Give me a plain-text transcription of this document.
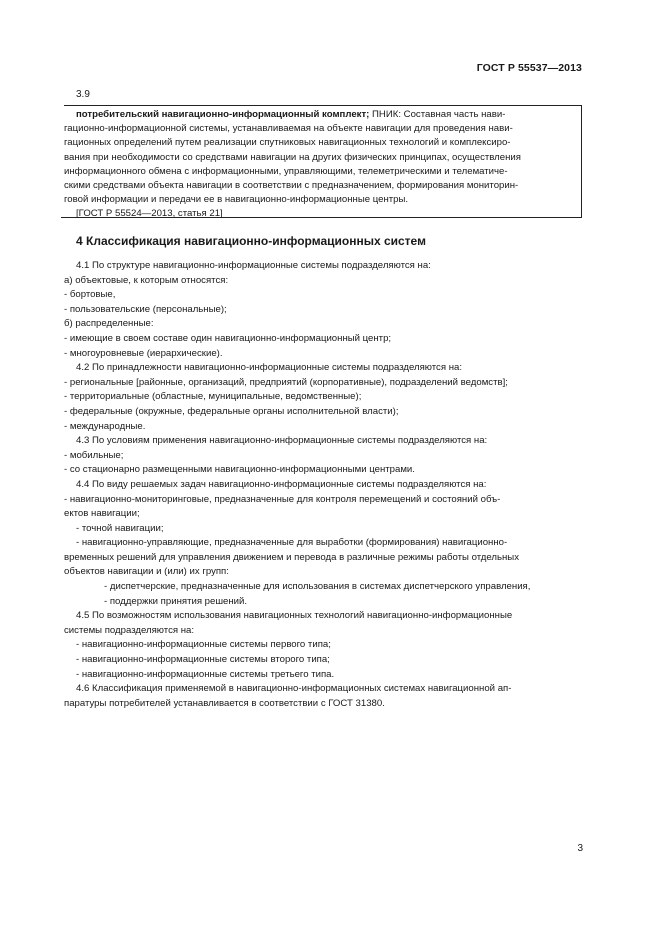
ГОСТ Р 55537—2013
3.9
потребительский навигационно-информационный комплект; ПНИК: Составная часть нави-
гационно-информационной системы, устанавливаемая на объекте навигации для проведения нави-
гационных определений путем реализации спутниковых навигационных технологий и комплексиро-
вания при необходимости со средствами навигации на других физических принципах, осуществления
информационного обмена с информационными, управляющими, телеметрическими и телематиче-
скими средствами объекта навигации в соответствии с предназначением, формирования мониторин-
говой информации и передачи ее в навигационно-информационные центры.
[ГОСТ Р 55524—2013, статья 21]
4 Классификация навигационно-информационных систем
4.1 По структуре навигационно-информационные системы подразделяются на:
а) объектовые, к которым относятся:
- бортовые,
- пользовательские (персональные);
б) распределенные:
- имеющие в своем составе один навигационно-информационный центр;
- многоуровневые (иерархические).
4.2 По принадлежности навигационно-информационные системы подразделяются на:
- региональные [районные, организаций, предприятий (корпоративные), подразделений ведомств];
- территориальные (областные, муниципальные, ведомственные);
- федеральные (окружные, федеральные органы исполнительной власти);
- международные.
4.3 По условиям применения навигационно-информационные системы подразделяются на:
- мобильные;
- со стационарно размещенными навигационно-информационными центрами.
4.4 По виду решаемых задач навигационно-информационные системы подразделяются на:
- навигационно-мониторинговые, предназначенные для контроля перемещений и состояний объ-
ектов навигации;
- точной навигации;
- навигационно-управляющие, предназначенные для выработки (формирования) навигационно-
временных решений для управления движением и перевода в различные режимы работы отдельных
объектов навигации и (или) их групп:
- диспетчерские, предназначенные для использования в системах диспетчерского управления,
- поддержки принятия решений.
4.5 По возможностям использования навигационных технологий навигационно-информационные
системы подразделяются на:
- навигационно-информационные системы первого типа;
- навигационно-информационные системы второго типа;
- навигационно-информационные системы третьего типа.
4.6 Классификация применяемой в навигационно-информационных системах навигационной ап-
паратуры потребителей устанавливается в соответствии с ГОСТ 31380.
3
